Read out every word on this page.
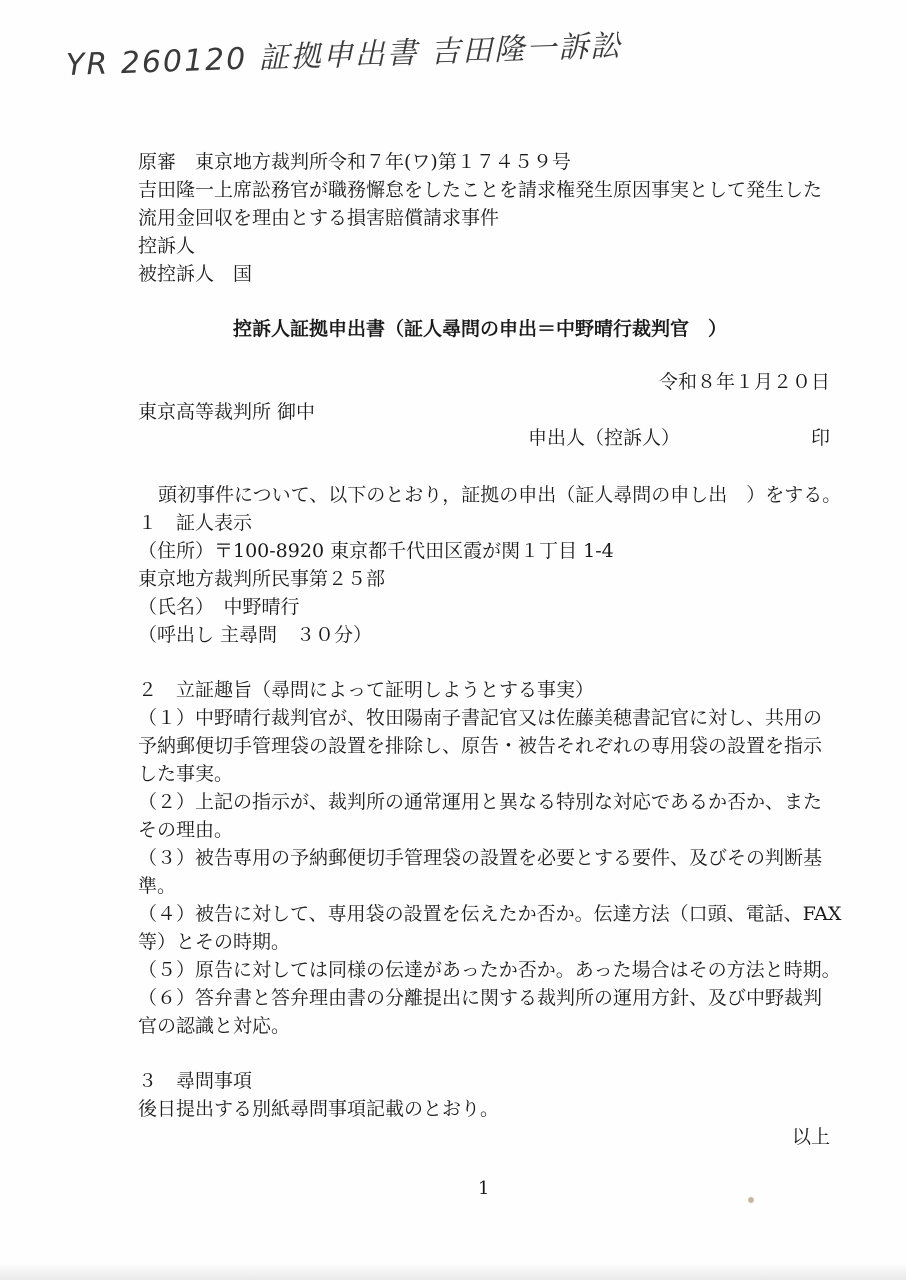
YR 260120 証拠申出書 吉田隆一訴訟
原審　東京地方裁判所令和７年(ワ)第１７４５９号
吉田隆一上席訟務官が職務懈怠をしたことを請求権発生原因事実として発生した
流用金回収を理由とする損害賠償請求事件
控訴人
被控訴人　国
控訴人証拠申出書（証人尋問の申出＝中野晴行裁判官　）
令和８年１月２０日
東京高等裁判所 御中
申出人（控訴人）	印
頭初事件について、以下のとおり，証拠の申出（証人尋問の申し出　）をする。
１　証人表示
（住所）〒100-8920 東京都千代田区霞が関１丁目 1-4
東京地方裁判所民事第２５部
（氏名）　中野晴行
（呼出し 主尋問　３０分）
２　立証趣旨（尋問によって証明しようとする事実）
（１）中野晴行裁判官が、牧田陽南子書記官又は佐藤美穂書記官に対し、共用の
予納郵便切手管理袋の設置を排除し、原告・被告それぞれの専用袋の設置を指示
した事実。
（２）上記の指示が、裁判所の通常運用と異なる特別な対応であるか否か、また
その理由。
（３）被告専用の予納郵便切手管理袋の設置を必要とする要件、及びその判断基
準。
（４）被告に対して、専用袋の設置を伝えたか否か。伝達方法（口頭、電話、FAX
等）とその時期。
（５）原告に対しては同様の伝達があったか否か。あった場合はその方法と時期。
（６）答弁書と答弁理由書の分離提出に関する裁判所の運用方針、及び中野裁判
官の認識と対応。
３　尋問事項
後日提出する別紙尋問事項記載のとおり。
以上
1
